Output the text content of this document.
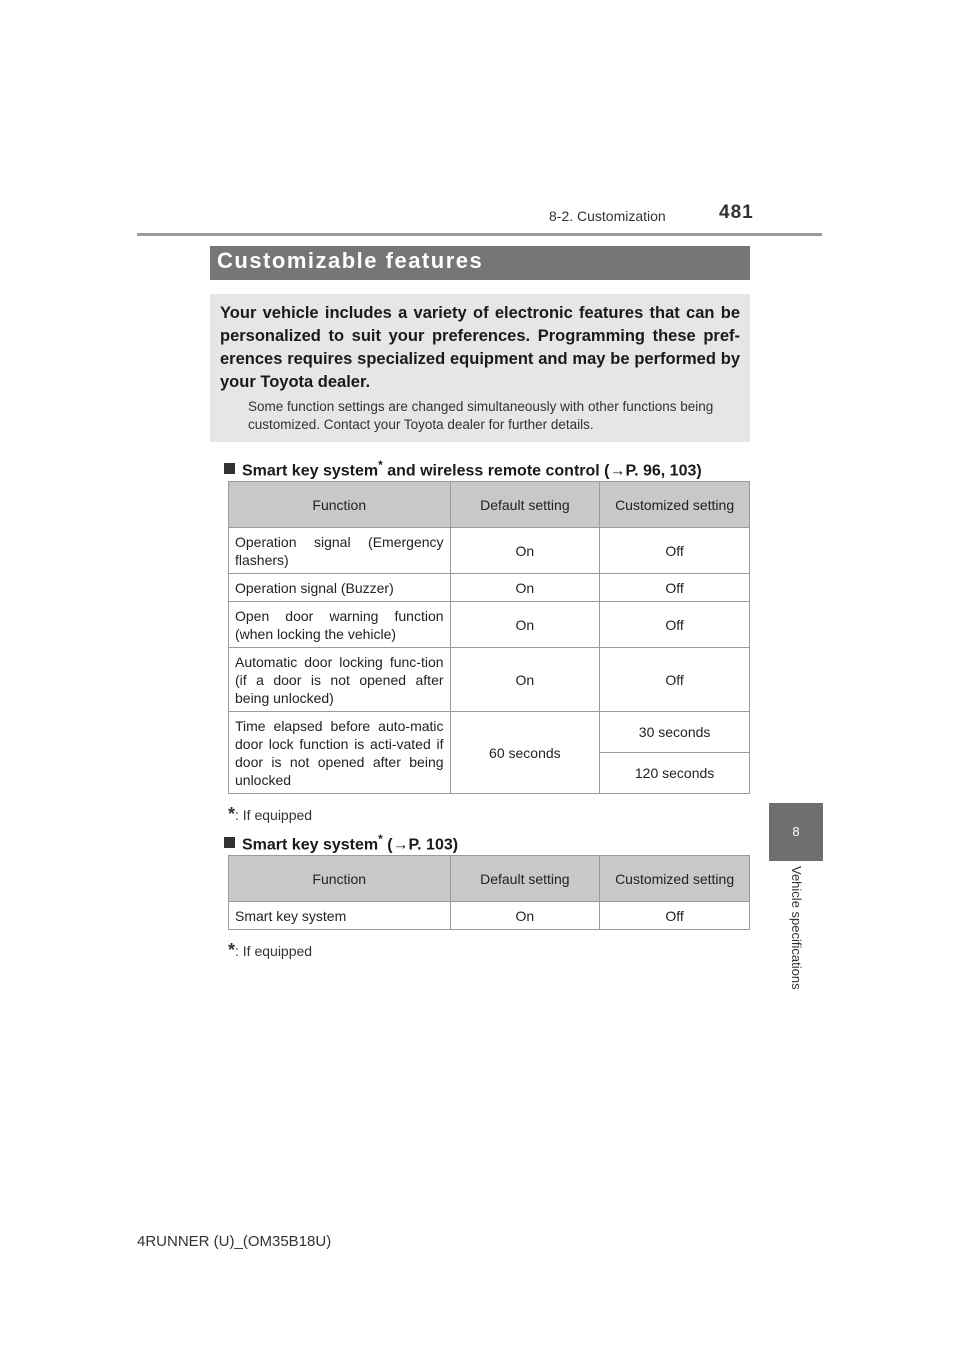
8-2. Customization	481
8
Vehicle specifications
Customizable features
Your vehicle includes a variety of electronic features that can be personalized to suit your preferences. Programming these pref-erences requires specialized equipment and may be performed by your Toyota dealer.
Some function settings are changed simultaneously with other functions being customized. Contact your Toyota dealer for further details.
Smart key system* and wireless remote control (→P. 96, 103)
Function	Default setting	Customized setting
Operation signal (Emergency flashers)	On	Off
Operation signal (Buzzer)	On	Off
Open door warning function (when locking the vehicle)	On	Off
Automatic door locking func-tion (if a door is not opened after being unlocked)	On	Off
Time elapsed before auto-matic door lock function is acti-vated if door is not opened after being unlocked	60 seconds	30 seconds
		120 seconds
*: If equipped
Smart key system* (→P. 103)
Function	Default setting	Customized setting
Smart key system	On	Off
*: If equipped
4RUNNER (U)_(OM35B18U)
